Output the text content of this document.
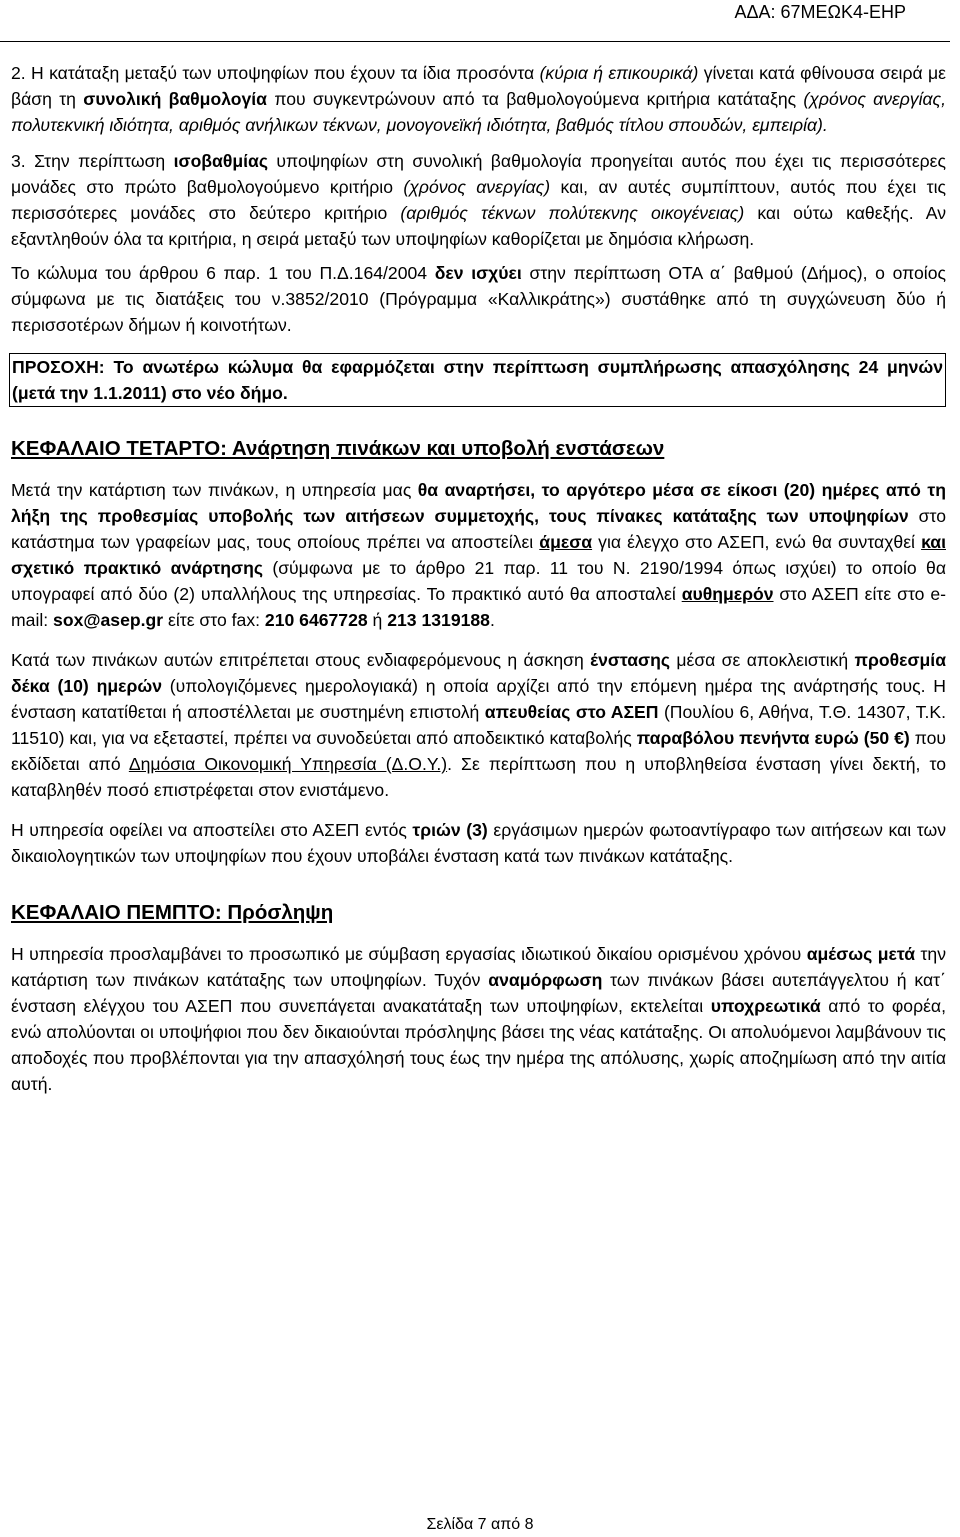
ΑΔΑ: 67ΜΕΩΚ4-ΕΗΡ

2. Η κατάταξη μεταξύ των υποψηφίων που έχουν τα ίδια προσόντα (κύρια ή επικουρικά) γίνεται κατά φθίνουσα σειρά με βάση τη συνολική βαθμολογία που συγκεντρώνουν από τα βαθμολογούμενα κριτήρια κατάταξης (χρόνος ανεργίας, πολυτεκνική ιδιότητα, αριθμός ανήλικων τέκνων, μονογονεϊκή ιδιότητα, βαθμός τίτλου σπουδών, εμπειρία).

3. Στην περίπτωση ισοβαθμίας υποψηφίων στη συνολική βαθμολογία προηγείται αυτός που έχει τις περισσότερες μονάδες στο πρώτο βαθμολογούμενο κριτήριο (χρόνος ανεργίας) και, αν αυτές συμπίπτουν, αυτός που έχει τις περισσότερες μονάδες στο δεύτερο κριτήριο (αριθμός τέκνων πολύτεκνης οικογένειας) και ούτω καθεξής. Αν εξαντληθούν όλα τα κριτήρια, η σειρά μεταξύ των υποψηφίων καθορίζεται με δημόσια κλήρωση.

Το κώλυμα του άρθρου 6 παρ. 1 του Π.Δ.164/2004 δεν ισχύει στην περίπτωση ΟΤΑ α΄ βαθμού (Δήμος), ο οποίος σύμφωνα με τις διατάξεις του ν.3852/2010 (Πρόγραμμα «Καλλικράτης») συστάθηκε από τη συγχώνευση δύο ή περισσοτέρων δήμων ή κοινοτήτων.

ΠΡΟΣΟΧΗ: Το ανωτέρω κώλυμα θα εφαρμόζεται στην περίπτωση συμπλήρωσης απασχόλησης 24 μηνών (μετά την 1.1.2011) στο νέο δήμο.

ΚΕΦΑΛΑΙΟ ΤΕΤΑΡΤΟ: Ανάρτηση πινάκων και υποβολή ενστάσεων

Μετά την κατάρτιση των πινάκων, η υπηρεσία μας θα αναρτήσει, το αργότερο μέσα σε είκοσι (20) ημέρες από τη λήξη της προθεσμίας υποβολής των αιτήσεων συμμετοχής, τους πίνακες κατάταξης των υποψηφίων στο κατάστημα των γραφείων μας, τους οποίους πρέπει να αποστείλει άμεσα για έλεγχο στο ΑΣΕΠ, ενώ θα συνταχθεί και σχετικό πρακτικό ανάρτησης (σύμφωνα με το άρθρο 21 παρ. 11 του Ν. 2190/1994 όπως ισχύει) το οποίο θα υπογραφεί από δύο (2) υπαλλήλους της υπηρεσίας. Το πρακτικό αυτό θα αποσταλεί αυθημερόν στο ΑΣΕΠ είτε στο e-mail: sox@asep.gr είτε στο fax: 210 6467728 ή 213 1319188.

Κατά των πινάκων αυτών επιτρέπεται στους ενδιαφερόμενους η άσκηση ένστασης μέσα σε αποκλειστική προθεσμία δέκα (10) ημερών (υπολογιζόμενες ημερολογιακά) η οποία αρχίζει από την επόμενη ημέρα της ανάρτησής τους. Η ένσταση κατατίθεται ή αποστέλλεται με συστημένη επιστολή απευθείας στο ΑΣΕΠ (Πουλίου 6, Αθήνα, Τ.Θ. 14307, Τ.Κ. 11510) και, για να εξεταστεί, πρέπει να συνοδεύεται από αποδεικτικό καταβολής παραβόλου πενήντα ευρώ (50 €) που εκδίδεται από Δημόσια Οικονομική Υπηρεσία (Δ.Ο.Υ.). Σε περίπτωση που η υποβληθείσα ένσταση γίνει δεκτή, το καταβληθέν ποσό επιστρέφεται στον ενιστάμενο.

Η υπηρεσία οφείλει να αποστείλει στο ΑΣΕΠ εντός τριών (3) εργάσιμων ημερών φωτοαντίγραφο των αιτήσεων και των δικαιολογητικών των υποψηφίων που έχουν υποβάλει ένσταση κατά των πινάκων κατάταξης.

ΚΕΦΑΛΑΙΟ ΠΕΜΠΤΟ: Πρόσληψη

Η υπηρεσία προσλαμβάνει το προσωπικό με σύμβαση εργασίας ιδιωτικού δικαίου ορισμένου χρόνου αμέσως μετά την κατάρτιση των πινάκων κατάταξης των υποψηφίων. Τυχόν αναμόρφωση των πινάκων βάσει αυτεπάγγελτου ή κατ΄ ένσταση ελέγχου του ΑΣΕΠ που συνεπάγεται ανακατάταξη των υποψηφίων, εκτελείται υποχρεωτικά από το φορέα, ενώ απολύονται οι υποψήφιοι που δεν δικαιούνται πρόσληψης βάσει της νέας κατάταξης. Οι απολυόμενοι λαμβάνουν τις αποδοχές που προβλέπονται για την απασχόλησή τους έως την ημέρα της απόλυσης, χωρίς αποζημίωση από την αιτία αυτή.

Σελίδα 7 από 8
